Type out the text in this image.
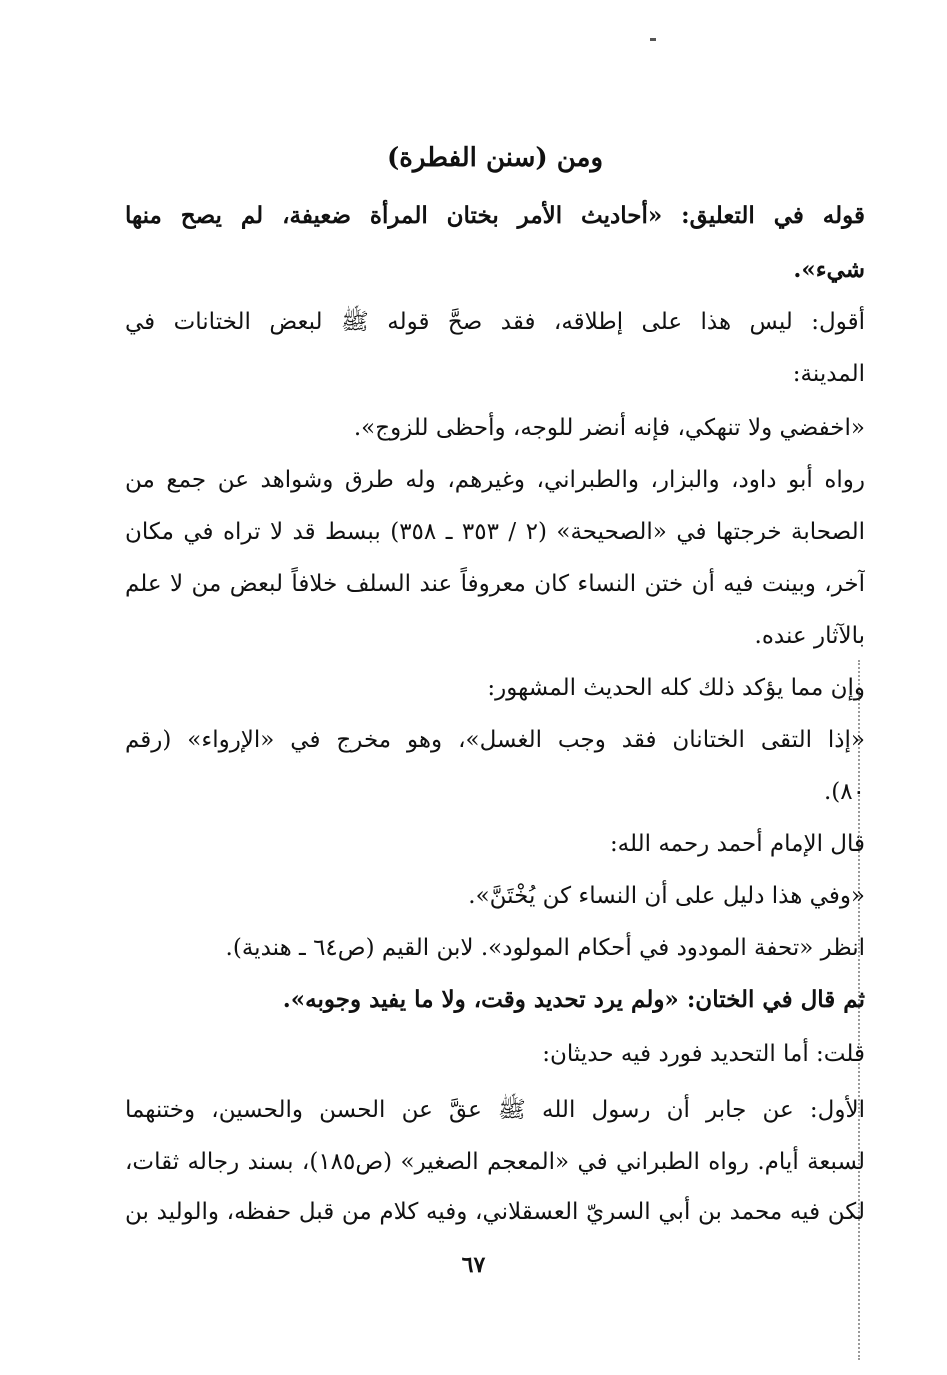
ومن (سنن الفطرة)
قوله في التعليق: «أحاديث الأمر بختان المرأة ضعيفة، لم يصح منها
شيء».
أقول: ليس هذا على إطلاقه، فقد صحَّ قوله ﷺ لبعض الختانات في
المدينة:
«اخفضي ولا تنهكي، فإنه أنضر للوجه، وأحظى للزوج».
رواه أبو داود، والبزار، والطبراني، وغيرهم، وله طرق وشواهد عن جمع من
الصحابة خرجتها في «الصحيحة» (٢ / ٣٥٣ ـ ٣٥٨) ببسط قد لا تراه في مكان
آخر، وبينت فيه أن ختن النساء كان معروفاً عند السلف خلافاً لبعض من لا علم
بالآثار عنده.
وإن مما يؤكد ذلك كله الحديث المشهور:
«إذا التقى الختانان فقد وجب الغسل»، وهو مخرج في «الإرواء» (رقم
٨٠).
قال الإمام أحمد رحمه الله:
«وفي هذا دليل على أن النساء كن يُخْتَنَّ».
انظر «تحفة المودود في أحكام المولود». لابن القيم (ص٦٤ ـ هندية).
ثم قال في الختان: «ولم يرد تحديد وقت، ولا ما يفيد وجوبه».
قلت: أما التحديد فورد فيه حديثان:
الأول: عن جابر أن رسول الله ﷺ عقَّ عن الحسن والحسين، وختنهما
لسبعة أيام. رواه الطبراني في «المعجم الصغير» (ص١٨٥)، بسند رجاله ثقات،
لكن فيه محمد بن أبي السريّ العسقلاني، وفيه كلام من قبل حفظه، والوليد بن
٦٧
